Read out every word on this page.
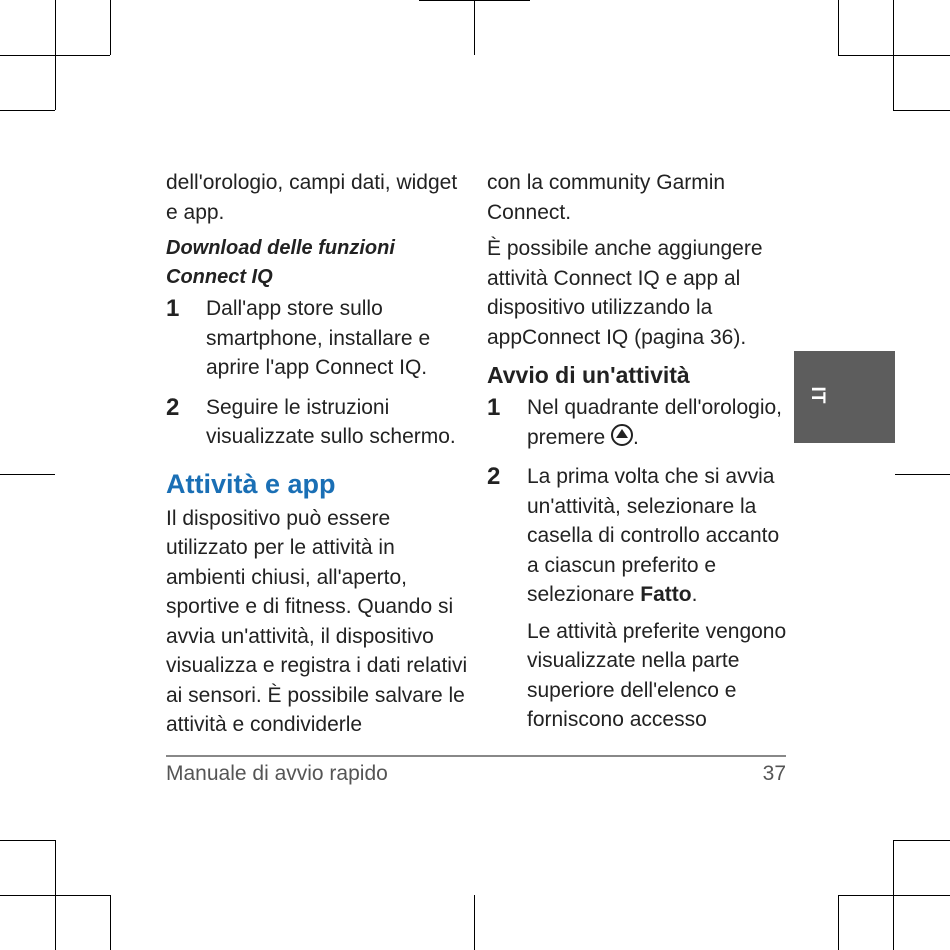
dell'orologio, campi dati, widget e app.

Download delle funzioni Connect IQ

1	Dall'app store sullo smartphone, installare e aprire l'app Connect IQ.
2	Seguire le istruzioni visualizzate sullo schermo.

Attività e app

Il dispositivo può essere utilizzato per le attività in ambienti chiusi, all'aperto, sportive e di fitness. Quando si avvia un'attività, il dispositivo visualizza e registra i dati relativi ai sensori. È possibile salvare le attività e condividerle

con la community Garmin Connect.

È possibile anche aggiungere attività Connect IQ e app al dispositivo utilizzando la appConnect IQ (pagina 36).

Avvio di un'attività

1	Nel quadrante dell'orologio, premere .
2	La prima volta che si avvia un'attività, selezionare la casella di controllo accanto a ciascun preferito e selezionare Fatto.

Le attività preferite vengono visualizzate nella parte superiore dell'elenco e forniscono accesso

IT
Manuale di avvio rapido	37
